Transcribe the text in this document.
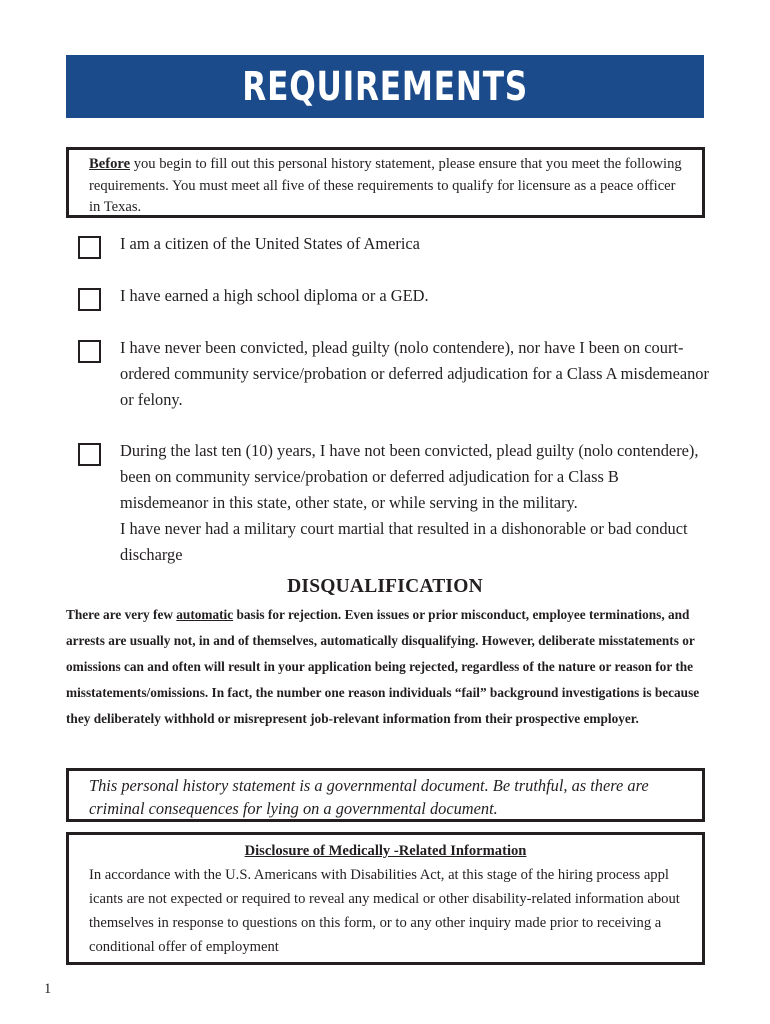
REQUIREMENTS
Before you begin to fill out this personal history statement, please ensure that you meet the following requirements. You must meet all five of these requirements to qualify for licensure as a peace officer in Texas.

I am a citizen of the United States of America

I have earned a high school diploma or a GED.

I have never been convicted, plead guilty (nolo contendere), nor have I been on court-ordered community service/probation or deferred adjudication for a Class A misdemeanor or felony.

During the last ten (10) years, I have not been convicted, plead guilty (nolo contendere), been on community service/probation or deferred adjudication for a Class B misdemeanor in this state, other state, or while serving in the military.

I have never had a military court martial that resulted in a dishonorable or bad conduct discharge

DISQUALIFICATION
There are very few automatic basis for rejection. Even issues or prior misconduct, employee terminations, and arrests are usually not, in and of themselves, automatically disqualifying. However, deliberate misstatements or omissions can and often will result in your application being rejected, regardless of the nature or reason for the misstatements/omissions. In fact, the number one reason individuals “fail” background investigations is because they deliberately withhold or misrepresent job-relevant information from their prospective employer.
This personal history statement is a governmental document. Be truthful, as there are criminal consequences for lying on a governmental document.
Disclosure of Medically -Related Information
In accordance with the U.S. Americans with Disabilities Act, at this stage of the hiring process appl icants are not expected or required to reveal any medical or other disability-related information about themselves in response to questions on this form, or to any other inquiry made prior to receiving a conditional offer of employment
1
